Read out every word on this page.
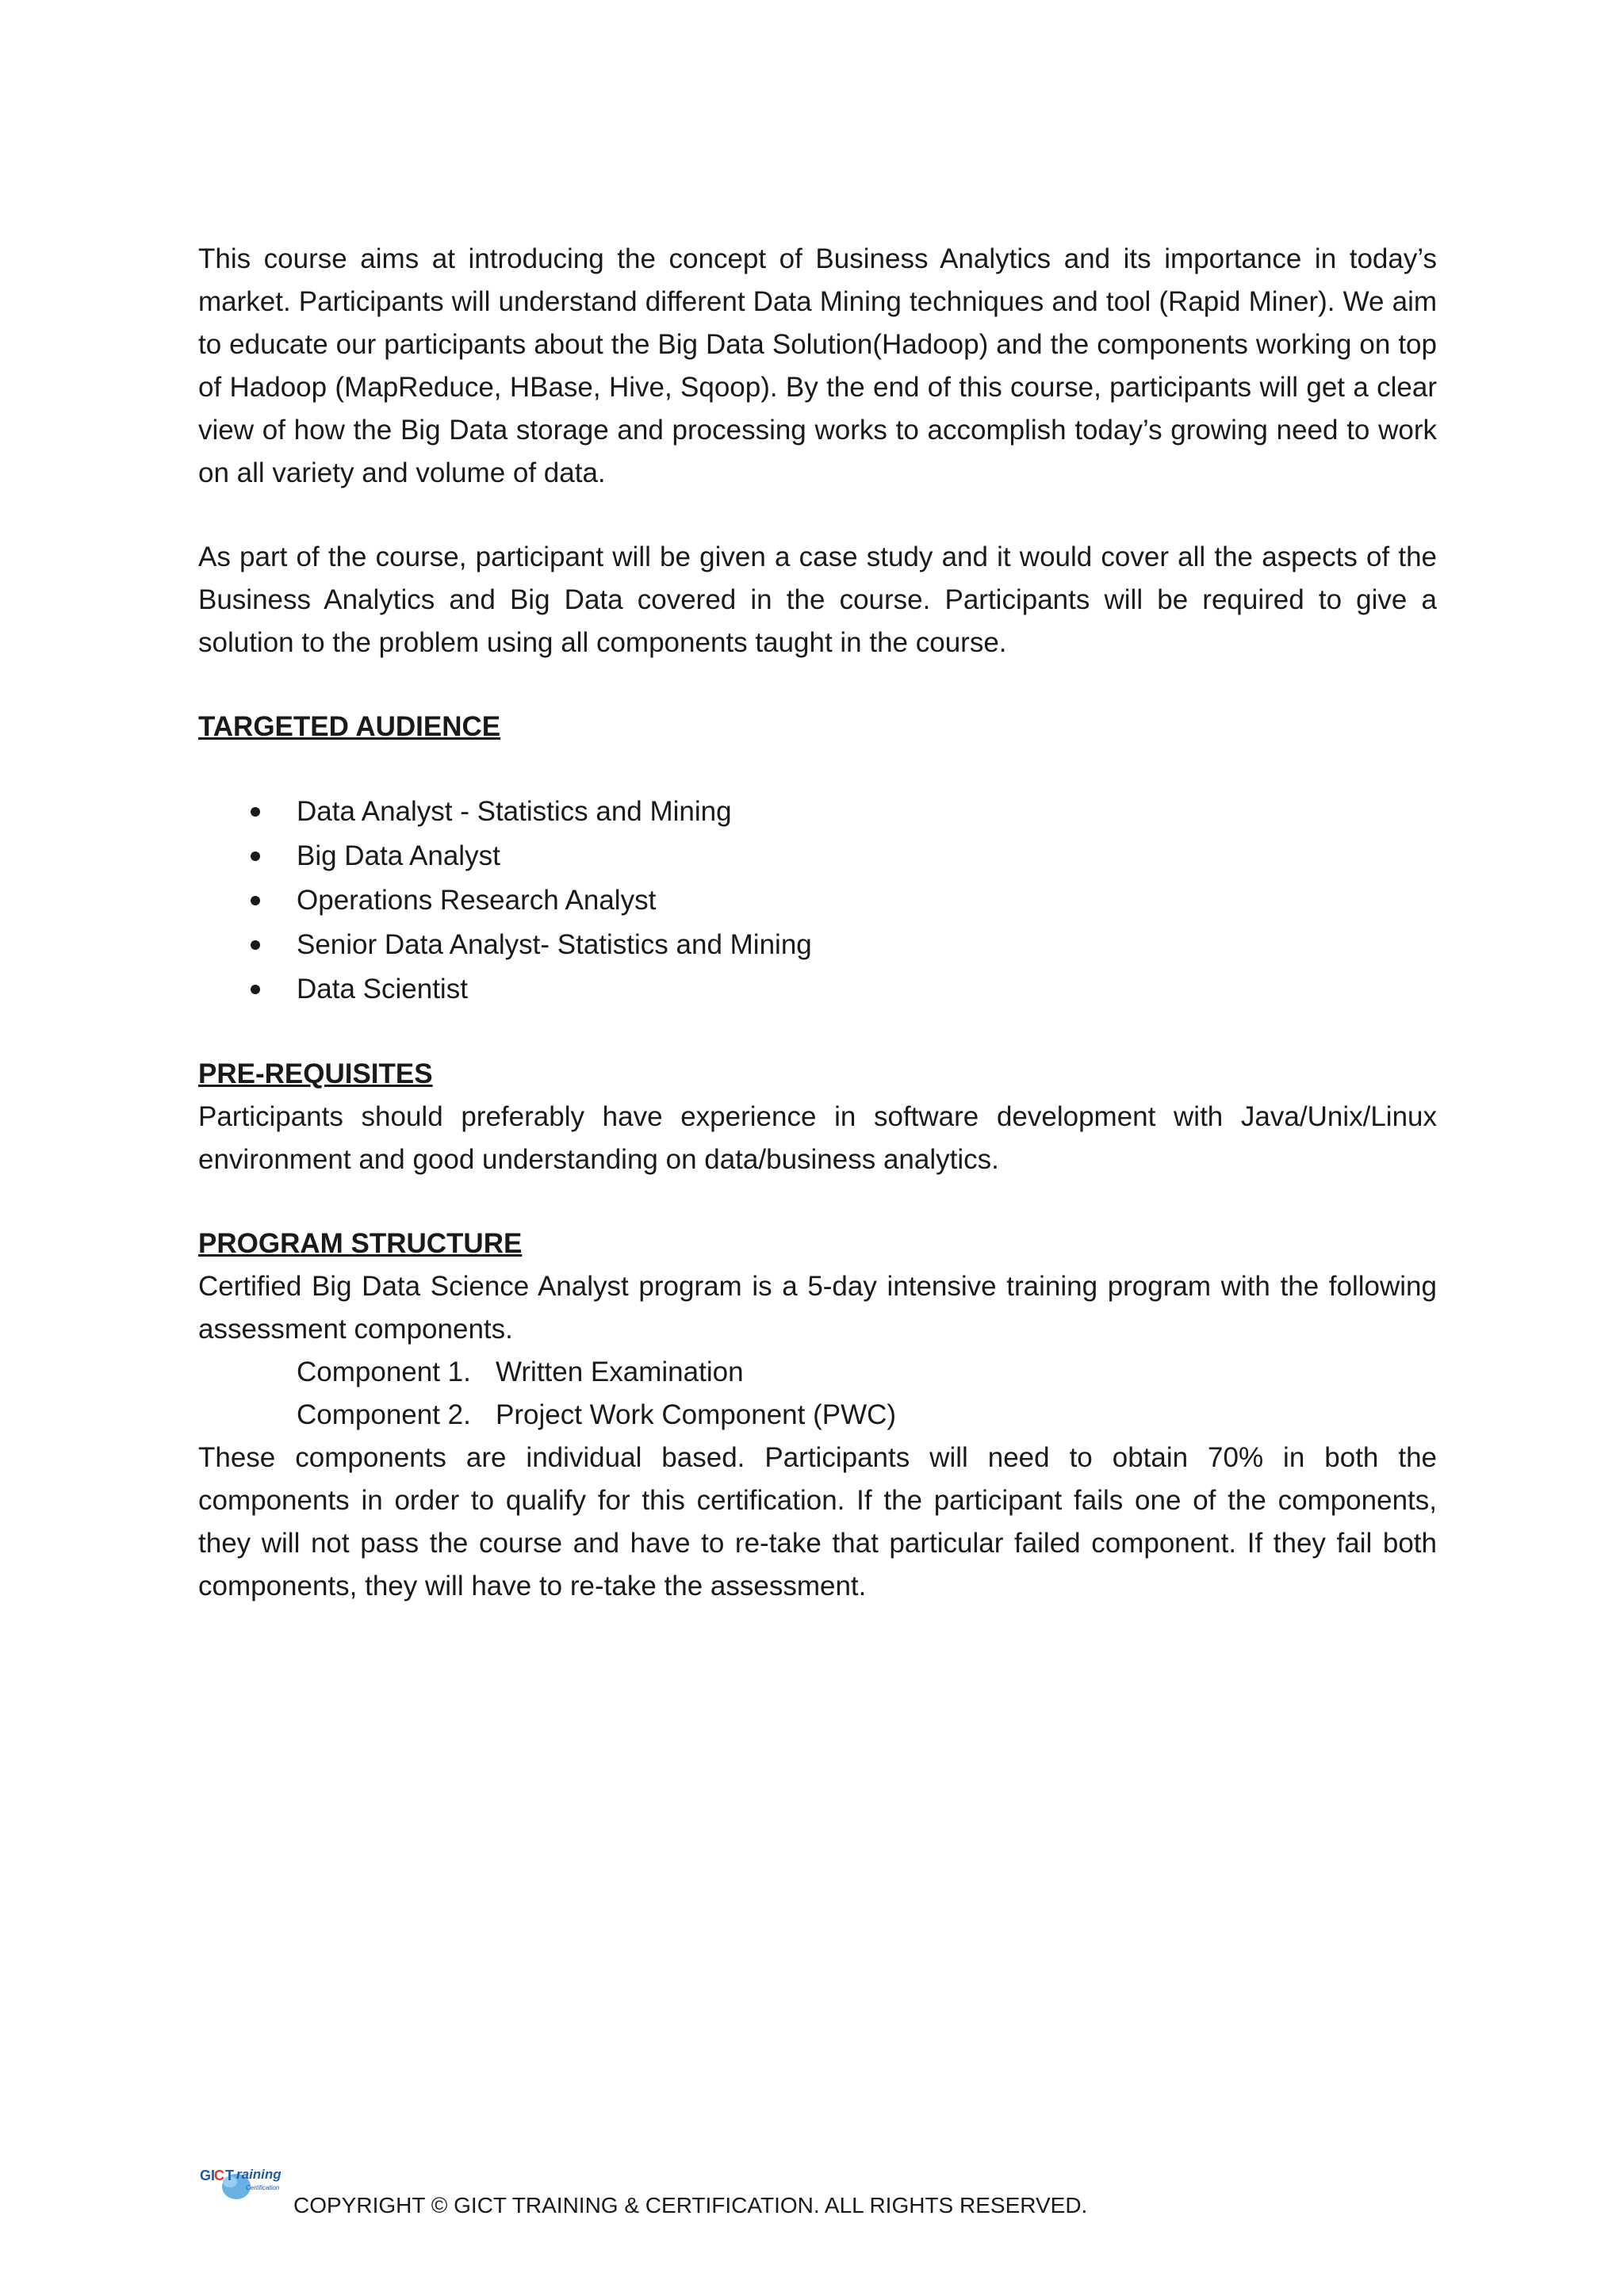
This course aims at introducing the concept of Business Analytics and its importance in today’s market. Participants will understand different Data Mining techniques and tool (Rapid Miner). We aim to educate our participants about the Big Data Solution(Hadoop) and the components working on top of Hadoop (MapReduce, HBase, Hive, Sqoop). By the end of this course, participants will get a clear view of how the Big Data storage and processing works to accomplish today’s growing need to work on all variety and volume of data.

As part of the course, participant will be given a case study and it would cover all the aspects of the Business Analytics and Big Data covered in the course. Participants will be required to give a solution to the problem using all components taught in the course.

TARGETED AUDIENCE

Data Analyst - Statistics and Mining
Big Data Analyst
Operations Research Analyst
Senior Data Analyst- Statistics and Mining
Data Scientist

PRE-REQUISITES

Participants should preferably have experience in software development with Java/Unix/Linux environment and good understanding on data/business analytics.

PROGRAM STRUCTURE

Certified Big Data Science Analyst program is a 5-day intensive training program with the following assessment components.

Component 1. Written Examination
Component 2. Project Work Component (PWC)

These components are individual based. Participants will need to obtain 70% in both the components in order to qualify for this certification. If the participant fails one of the components, they will not pass the course and have to re-take that particular failed component. If they fail both components, they will have to re-take the assessment.

GI
C T raining
Certification
COPYRIGHT © GICT TRAINING & CERTIFICATION. ALL RIGHTS RESERVED.
